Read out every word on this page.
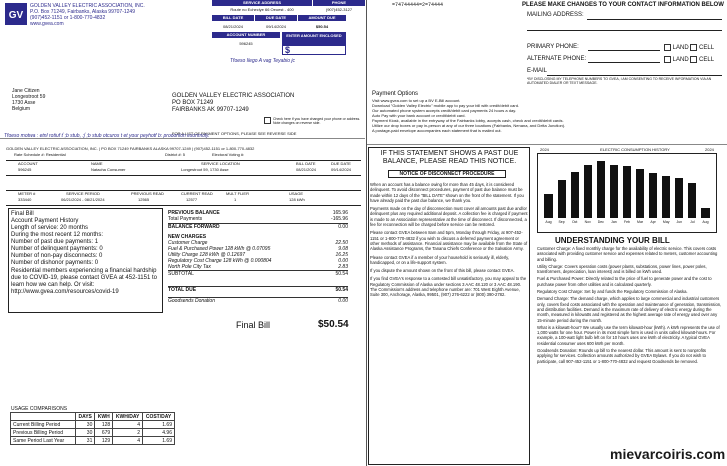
GV
GOLDEN VALLEY ELECTRIC ASSOCIATION, INC.
P.O. Box 71249, Fairbanks, Alaska 99707-1249
(907)452-1151 or 1-800-770-4832
www.gvea.com
SERVICE ADDRESS	PHONE
Route no Echeclye 66 Oeuest - 400	(907)452-3127
BILL DATE	DUE DATE	AMOUNT DUE
08/21/2024	09/14/2024	$50.54
ACCOUNT NUMBER
596245
ENTER AMOUNT ENCLOSED
$
Tfoeso Ilego A vag Teyabio jc
=74744444=2=74444
Jane Citizen
Longestroot 59
1730 Asse
Belgium
GOLDEN VALLEY ELECTRIC ASSOCIATION
PO BOX 71249
FAIRBANKS AK 99707-1249
Check here if you have changed your phone or address. Note changes on reverse side.
FOR A LIST OF PAYMENT OPTIONS, PLEASE SEE REVERSE SIDE
Tfoeso motwa : etnl rotiuf t`;b stub, :j`;b stub otcuros t et your peyhotf b: prooonlon esonmoly.
GOLDEN VALLEY ELECTRIC ASSOCIATION, INC. | PO BOX 71249 FAIRBANKS ALASKA 99707-1249 | (907)452-1151 or 1-800-770-4832
Rate Schedule #: Residential	District #: 5	Electoral Voting #:
ACCOUNT	NAME	SERVICE LOCATION	BILL DATE	DUE DATE
596245	Natacha Consumer	Longestroot 59, 1730 Asse	08/21/2024	09/14/2024
METER #	SERVICE PERIOD	PREVIOUS READ	CURRENT READ	MULT FLIER	USAGE
333440	06/21/2024 - 08/21/2024	12565	12577	1	128 kWh
Final Bill
Account Payment History
Length of service: 20 months
During the most recent 12 months:
Number of past due payments: 1
Number of delinquent payments: 0
Number of non-pay disconnects: 0
Number of dishonor payments: 0
Residential members experiencing a financial hardship due to COVID-19, please contact GVEA at 452-1151 to learn how we can help. Or visit: http://www.gvea.com/resources/covid-19
PREVIOUS BALANCE	165.96
Total Payments	-165.96
BALANCE FORWARD	0.00
NEW CHARGES
Customer Charge	22.50
Fuel & Purchased Power 128 kWh @ 0.07095	9.08
Utility Charge 128 kWh @ 0.12697	16.25
Regulatory Cost Charge 128 kWh @ 0.000804	0.00
North Pole City Tax	2.83
SUBTOTAL	50.54
TOTAL DUE	50.54
Goodsends Donation	0.00
Final Bill	$50.54
USAGE COMPARISONS
	DAYS	KWH	KWH/DAY	COST/DAY
Current Billing Period	30	128	4	1.69
Previous Billing Period	30	679	2	4.96
Same Period Last Year	31	129	4	1.69
PLEASE MAKE CHANGES TO YOUR CONTACT INFORMATION BELOW
MAILING ADDRESS:
PRIMARY PHONE:	LAND CELL
ALTERNATE PHONE:	LAND CELL
E-MAIL
*BY DISCLOSING MY TELEPHONE NUMBERS TO GVEA, I AM CONSENTING TO RECEIVE INFORMATION VIA AN AUTOMATED DIALER OR TEXT MESSAGE.
Payment Options
Visit www.gvea.com to set up a BV E-Bill account.
Download "Golden Valley Electric" mobile app to pay your bill with credit/debit card.
Our automated phone system accepts credit/debit card payments 24 hours a day.
Auto Pay with your bank account or credit/debit card.
Payment Kiosk, available in the entryway of the Fairbanks lobby, accepts cash, check and credit/debit cards.
Utilize our drop boxes or pay in-person at any of our three locations (Fairbanks, Nenana, and Delta Junction).
A postage-paid envelope accompanies each statement that is mailed out.
IF THIS STATEMENT SHOWS A PAST DUE
BALANCE, PLEASE READ THIS NOTICE.
NOTICE OF DISCONNECT PROCEDURE

When an account has a balance owing for more than 45 days, it is considered delinquent. To avoid disconnect procedures, payment of past due balance must be made within 12 days of the "BILL DATE" shown on the front of the statement. If you have already paid the past due balance, we thank you.

Payments made on the day of disconnection must cover all amounts past due and/or delinquent plus any required additional deposit. A collection fee is charged if payment is made to an Association representative at the time of disconnect. If disconnected, a fee for reconnection will be charged before service can be restored.

Please contact GVEA between 8am and 5pm, Monday through Friday, at 907-452-1151 or 1-800-770-4832 if you wish to discuss a deferred payment agreement or other methods of assistance. Financial assistance may be available from the State of Alaska Assistance Programs, the Tanana Chiefs Conference or the Salvation Army.

Please contact GVEA if a member of your household is seriously ill, elderly, handicapped, or on a life-support system.

If you dispute the amount shown on the front of this bill, please contact GVEA.

If you find GVEA's response to a contested bill unsatisfactory, you may appeal to the Regulatory Commission of Alaska under sections 3 AAC 48.120 or 3 AAC 48.190. The Commission's address and telephone number are: 701 West Eighth Avenue, Suite 300, Anchorage, Alaska, 99501, (907) 276-6222 or (800) 390-2782.

2024	ELECTRIC CONSUMPTION HISTORY	2024
Aug	Sep	Oct	Nov	Dec	Jan	Feb	Mar	Apr	May	Jun	Jul	Aug
UNDERSTANDING YOUR BILL

Customer Charge: A fixed monthly charge for the availability of electric service. This covers costs associated with providing customer service and expenses related to meters, customer accounting and billing.

Utility Charge: Covers operation costs (power plants, substations, power lines, power poles, transformers, depreciation, loan interest) and is billed on kWh used.

Fuel & Purchased Power: Directly related to the price of fuel to generate power and the cost to purchase power from other utilities and is calculated quarterly.

Regulatory Cost Charge: Set by and funds the Regulatory Commission of Alaska.

Demand Charge: The demand charge, which applies to large commercial and industrial customers only, covers fixed costs associated with the operation and maintenance of generation, transmission, and distribution facilities. Demand is the maximum rate of delivery of electric energy during the month, measured in kilowatts and registered as the highest average rate of energy used over any 15-minute period during the month.

What is a kilowatt-hour? We usually use the term kilowatt-hour (kWh). A kWh represents the use of 1,000 watts for one hour. Power in its most simple form is used in units called kilowatt-hours. For example, a 100-watt light bulb left on for 10 hours uses one kWh of electricity. A typical GVEA residential consumer uses 600 kWh per month.

Goodsends Donation: Rounds up bill to the nearest dollar. This amount is sent to nonprofits applying for services. Collection amounts authorized by GVEA Bylaws. If you do not wish to participate, call 907-452-1151 or 1-800-770-4832 and request Goodsends be removed.

mievarcoiris.com
